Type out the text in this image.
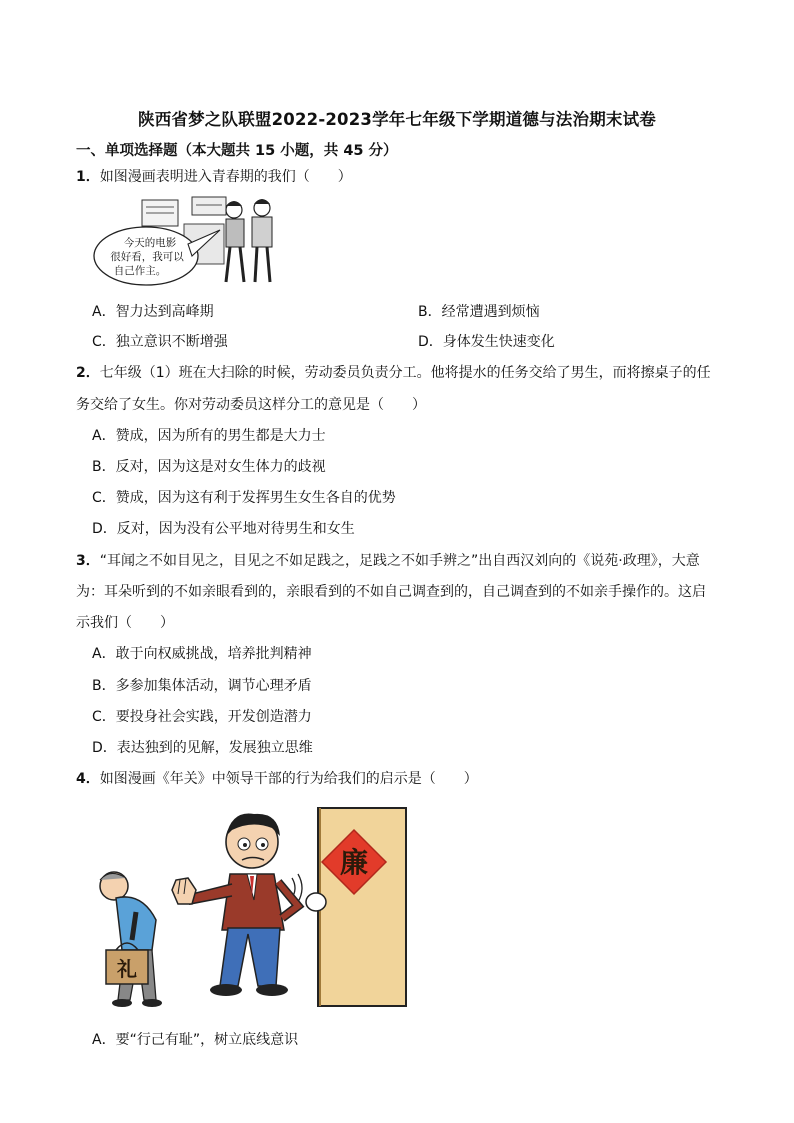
陕西省梦之队联盟2022-2023学年七年级下学期道德与法治期末试卷
一、单项选择题（本大题共 15 小题，共 45 分）
1．如图漫画表明进入青春期的我们（　　）
今天的电影
很好看，我可以
自己作主。
A．智力达到高峰期	B．经常遭遇到烦恼
C．独立意识不断增强	D．身体发生快速变化
2．七年级（1）班在大扫除的时候，劳动委员负责分工。他将提水的任务交给了男生，而将擦桌子的任
务交给了女生。你对劳动委员这样分工的意见是（　　）
A．赞成，因为所有的男生都是大力士
B．反对，因为这是对女生体力的歧视
C．赞成，因为这有利于发挥男生女生各自的优势
D．反对，因为没有公平地对待男生和女生
3．“耳闻之不如目见之，目见之不如足践之，足践之不如手辨之”出自西汉刘向的《说苑·政理》，大意
为：耳朵听到的不如亲眼看到的，亲眼看到的不如自己调查到的，自己调查到的不如亲手操作的。这启
示我们（　　）
A．敢于向权威挑战，培养批判精神
B．多参加集体活动，调节心理矛盾
C．要投身社会实践，开发创造潜力
D．表达独到的见解，发展独立思维
4．如图漫画《年关》中领导干部的行为给我们的启示是（　　）
廉
礼
A．要“行己有耻”，树立底线意识
